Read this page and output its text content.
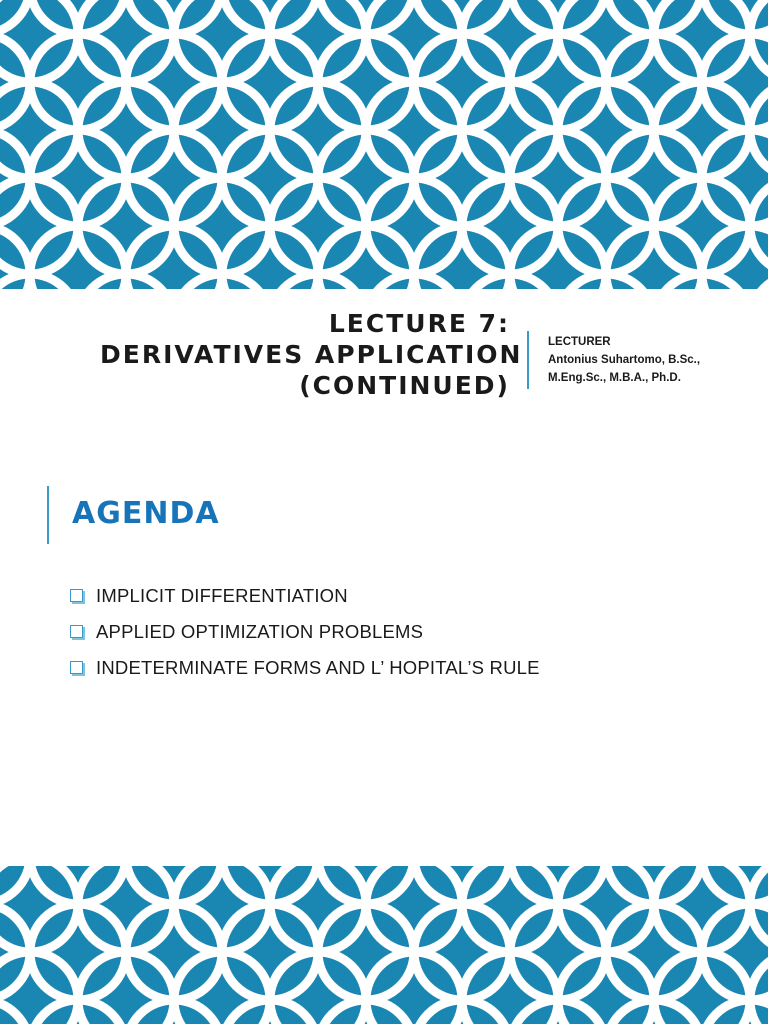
LECTURE 7:
DERIVATIVES APPLICATION
(CONTINUED)
LECTURER
Antonius Suhartomo, B.Sc.,
M.Eng.Sc., M.B.A., Ph.D.
AGENDA
IMPLICIT DIFFERENTIATION
APPLIED OPTIMIZATION PROBLEMS
INDETERMINATE FORMS AND L’ HOPITAL’S RULE
